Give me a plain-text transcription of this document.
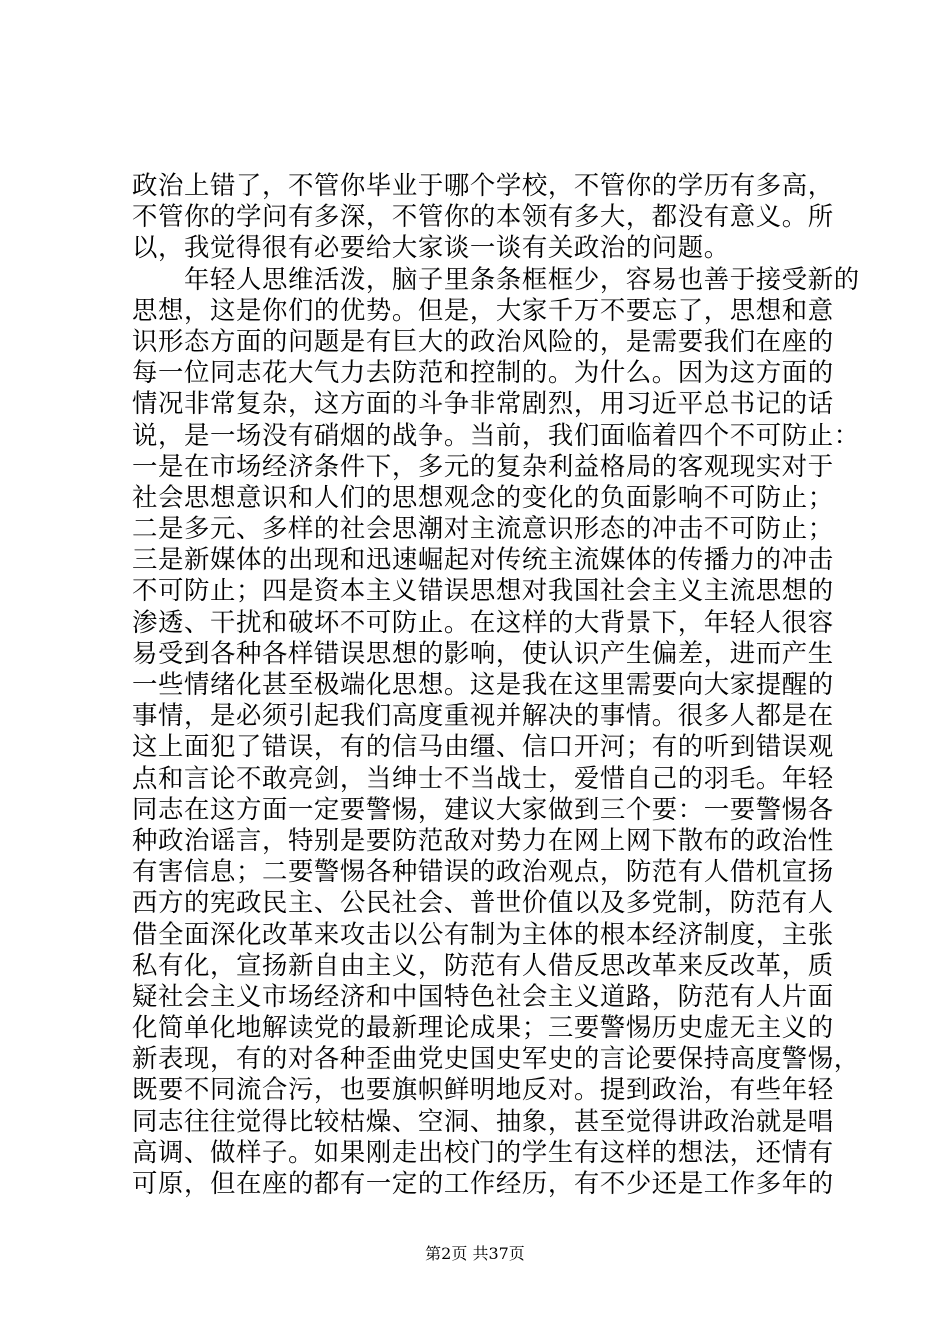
政治上错了，不管你毕业于哪个学校，不管你的学历有多高，
不管你的学问有多深，不管你的本领有多大，都没有意义。所
以，我觉得很有必要给大家谈一谈有关政治的问题。
　　年轻人思维活泼，脑子里条条框框少，容易也善于接受新的
思想，这是你们的优势。但是，大家千万不要忘了，思想和意
识形态方面的问题是有巨大的政治风险的，是需要我们在座的
每一位同志花大气力去防范和控制的。为什么。因为这方面的
情况非常复杂，这方面的斗争非常剧烈，用习近平总书记的话
说，是一场没有硝烟的战争。当前，我们面临着四个不可防止：
一是在市场经济条件下，多元的复杂利益格局的客观现实对于
社会思想意识和人们的思想观念的变化的负面影响不可防止；
二是多元、多样的社会思潮对主流意识形态的冲击不可防止；
三是新媒体的出现和迅速崛起对传统主流媒体的传播力的冲击
不可防止；四是资本主义错误思想对我国社会主义主流思想的
渗透、干扰和破坏不可防止。在这样的大背景下，年轻人很容
易受到各种各样错误思想的影响，使认识产生偏差，进而产生
一些情绪化甚至极端化思想。这是我在这里需要向大家提醒的
事情，是必须引起我们高度重视并解决的事情。很多人都是在
这上面犯了错误，有的信马由缰、信口开河；有的听到错误观
点和言论不敢亮剑，当绅士不当战士，爱惜自己的羽毛。年轻
同志在这方面一定要警惕，建议大家做到三个要：一要警惕各
种政治谣言，特别是要防范敌对势力在网上网下散布的政治性
有害信息；二要警惕各种错误的政治观点，防范有人借机宣扬
西方的宪政民主、公民社会、普世价值以及多党制，防范有人
借全面深化改革来攻击以公有制为主体的根本经济制度，主张
私有化，宣扬新自由主义，防范有人借反思改革来反改革，质
疑社会主义市场经济和中国特色社会主义道路，防范有人片面
化简单化地解读党的最新理论成果；三要警惕历史虚无主义的
新表现，有的对各种歪曲党史国史军史的言论要保持高度警惕，
既要不同流合污，也要旗帜鲜明地反对。提到政治，有些年轻
同志往往觉得比较枯燥、空洞、抽象，甚至觉得讲政治就是唱
高调、做样子。如果刚走出校门的学生有这样的想法，还情有
可原，但在座的都有一定的工作经历，有不少还是工作多年的
第2页 共37页
